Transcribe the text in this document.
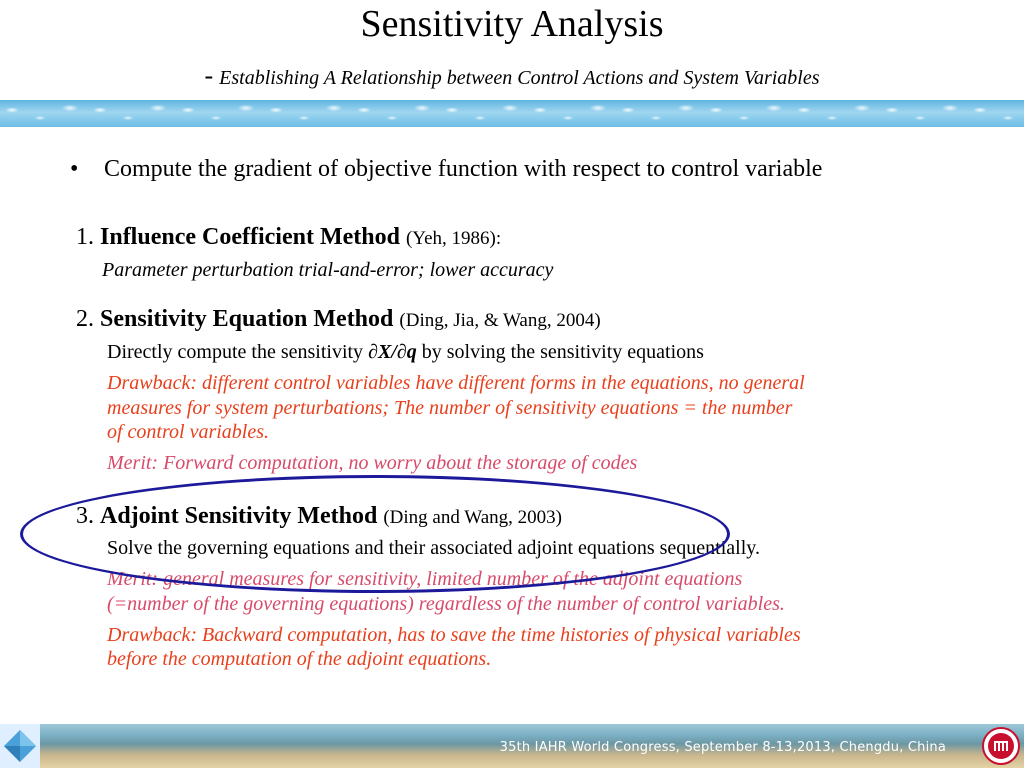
Sensitivity Analysis
- Establishing A Relationship between Control Actions and System Variables
• Compute the gradient of objective function with respect to control variable
1. Influence Coefficient Method (Yeh, 1986):
Parameter perturbation trial-and-error; lower accuracy
2. Sensitivity Equation Method (Ding, Jia, & Wang, 2004)
Directly compute the sensitivity ∂X/∂q by solving the sensitivity equations
Drawback: different control variables have different forms in the equations, no general
measures for system perturbations; The number of sensitivity equations = the number
of control variables.
Merit: Forward computation, no worry about the storage of codes
3. Adjoint Sensitivity Method (Ding and Wang, 2003)
Solve the governing equations and their associated adjoint equations sequentially.
Merit: general measures for sensitivity, limited number of the adjoint equations
(=number of the governing equations) regardless of the number of control variables.
Drawback: Backward computation, has to save the time histories of physical variables
before the computation of the adjoint equations.
35th IAHR World Congress, September 8-13,2013, Chengdu, China
